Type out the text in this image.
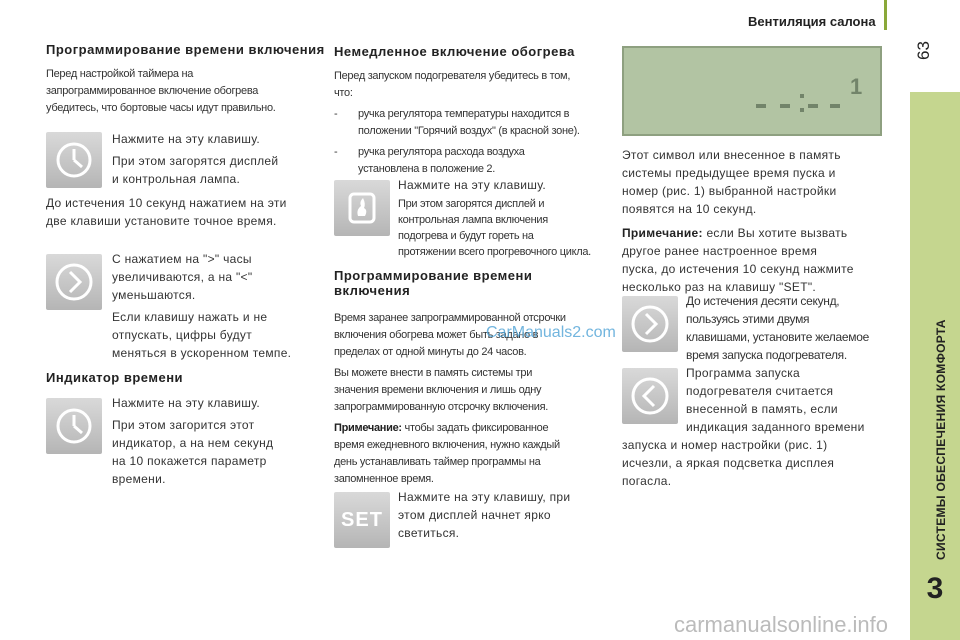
Вентиляция салона
63
СИСТЕМЫ ОБЕСПЕЧЕНИЯ КОМФОРТА
3
Программирование времени включения

Перед настройкой таймера на

запрограммированное включение обогрева

убедитесь, что бортовые часы идут правильно.

Нажмите на эту клавишу.

При этом загорятся дисплей

и контрольная лампа.

До истечения 10 секунд нажатием на эти

две клавиши установите точное время.

С нажатием на ">" часы

увеличиваются, а на "<"

уменьшаются.

Если клавишу нажать и не

отпускать, цифры будут

меняться в ускоренном темпе.

Индикатор времени

Нажмите на эту клавишу.

При этом загорится этот

индикатор, а на нем секунд

на 10 покажется параметр

времени.

Немедленное включение обогрева

Перед запуском подогревателя убедитесь в том,

что:

- ручка регулятора температуры находится в

положении "Горячий воздух" (в красной зоне).

- ручка регулятора расхода воздуха

установлена в положение 2.

Нажмите на эту клавишу.

При этом загорятся дисплей и

контрольная лампа включения

подогрева и будут гореть на

протяжении всего прогревочного цикла.

Программирование времени
включения

Время заранее запрограммированной отсрочки

включения обогрева может быть задано в

пределах от одной минуты до 24 часов.

Вы можете внести в память системы три

значения времени включения и лишь одну

запрограммированную отсрочку включения.

Примечание: чтобы задать фиксированное

время ежедневного включения, нужно каждый

день устанавливать таймер программы на

запомненное время.

SET

Нажмите на эту клавишу, при

этом дисплей начнет ярко

светиться.

1

Этот символ или внесенное в память

системы предыдущее время пуска и

номер (рис. 1) выбранной настройки

появятся на 10 секунд.

Примечание: если Вы хотите вызвать

другое ранее настроенное время

пуска, до истечения 10 секунд нажмите

несколько раз на клавишу "SET".

До истечения десяти секунд,

пользуясь этими двумя

клавишами, установите желаемое

время запуска подогревателя.

Программа запуска

подогревателя считается

внесенной в память, если

индикация заданного времени

запуска и номер настройки (рис. 1)

исчезли, а яркая подсветка дисплея

погасла.

CarManuals2.com
carmanualsonline.info
